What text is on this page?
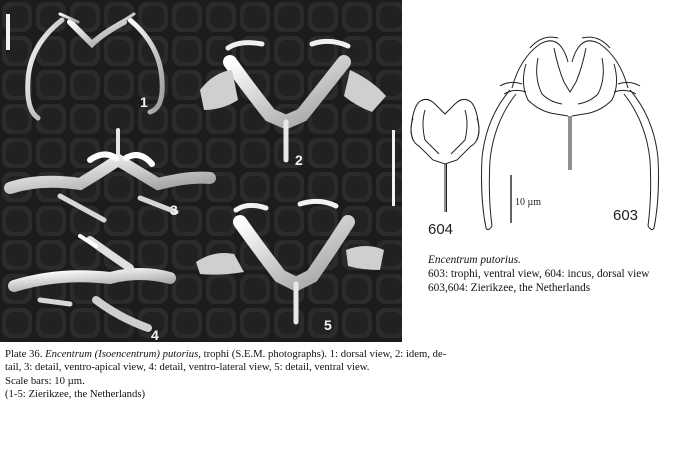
1
2
3
4
5
604
603
10 µm
Encentrum putorius.
603: trophi, ventral view, 604: incus, dorsal view
603,604: Zierikzee, the Netherlands
Plate 36. Encentrum (Isoencentrum) putorius, trophi (S.E.M. photographs). 1: dorsal view, 2: idem, de-
tail, 3: detail, ventro-apical view, 4: detail, ventro-lateral view, 5: detail, ventral view.
Scale bars: 10 µm.
(1-5: Zierikzee, the Netherlands)
